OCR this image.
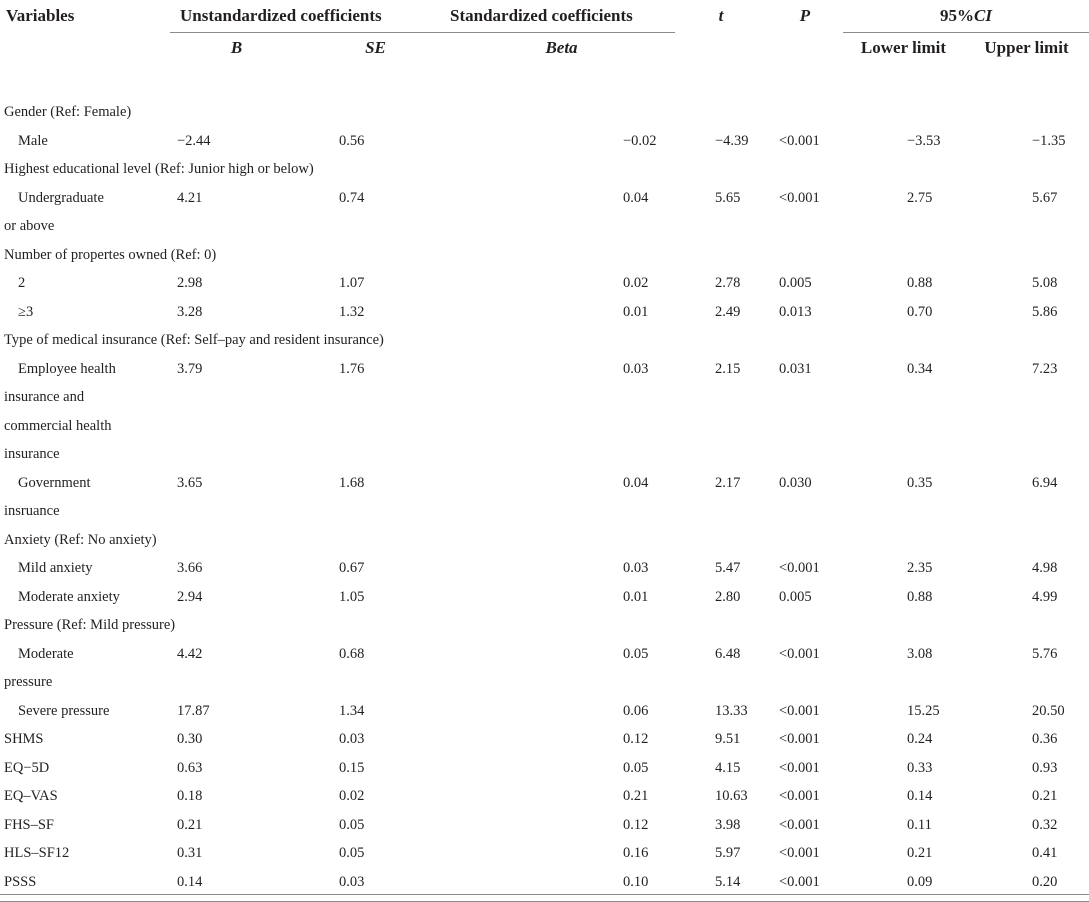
Variables	Unstandardized coefficients		Standardized coefficients	t	P	95%CI	
	B	SE	Beta			Lower limit	Upper limit
Gender (Ref: Female)							

Male	−2.44	0.56	−0.02	−4.39	<0.001	−3.53	−1.35
Highest educational level (Ref: Junior high or below)							

Undergraduate
or above	4.21	0.74	0.04	5.65	<0.001	2.75	5.67
Number of propertes owned (Ref: 0)							

2	2.98	1.07	0.02	2.78	0.005	0.88	5.08

≥3	3.28	1.32	0.01	2.49	0.013	0.70	5.86
Type of medical insurance (Ref: Self–pay and resident insurance)							

Employee health
insurance and
commercial health
insurance	3.79	1.76	0.03	2.15	0.031	0.34	7.23

Government
insruance	3.65	1.68	0.04	2.17	0.030	0.35	6.94
Anxiety (Ref: No anxiety)							

Mild anxiety	3.66	0.67	0.03	5.47	<0.001	2.35	4.98

Moderate anxiety	2.94	1.05	0.01	2.80	0.005	0.88	4.99
Pressure (Ref: Mild pressure)							

Moderate
pressure	4.42	0.68	0.05	6.48	<0.001	3.08	5.76

Severe pressure	17.87	1.34	0.06	13.33	<0.001	15.25	20.50

SHMS	0.30	0.03	0.12	9.51	<0.001	0.24	0.36

EQ−5D	0.63	0.15	0.05	4.15	<0.001	0.33	0.93

EQ–VAS	0.18	0.02	0.21	10.63	<0.001	0.14	0.21

FHS–SF	0.21	0.05	0.12	3.98	<0.001	0.11	0.32

HLS–SF12	0.31	0.05	0.16	5.97	<0.001	0.21	0.41

PSSS	0.14	0.03	0.10	5.14	<0.001	0.09	0.20
